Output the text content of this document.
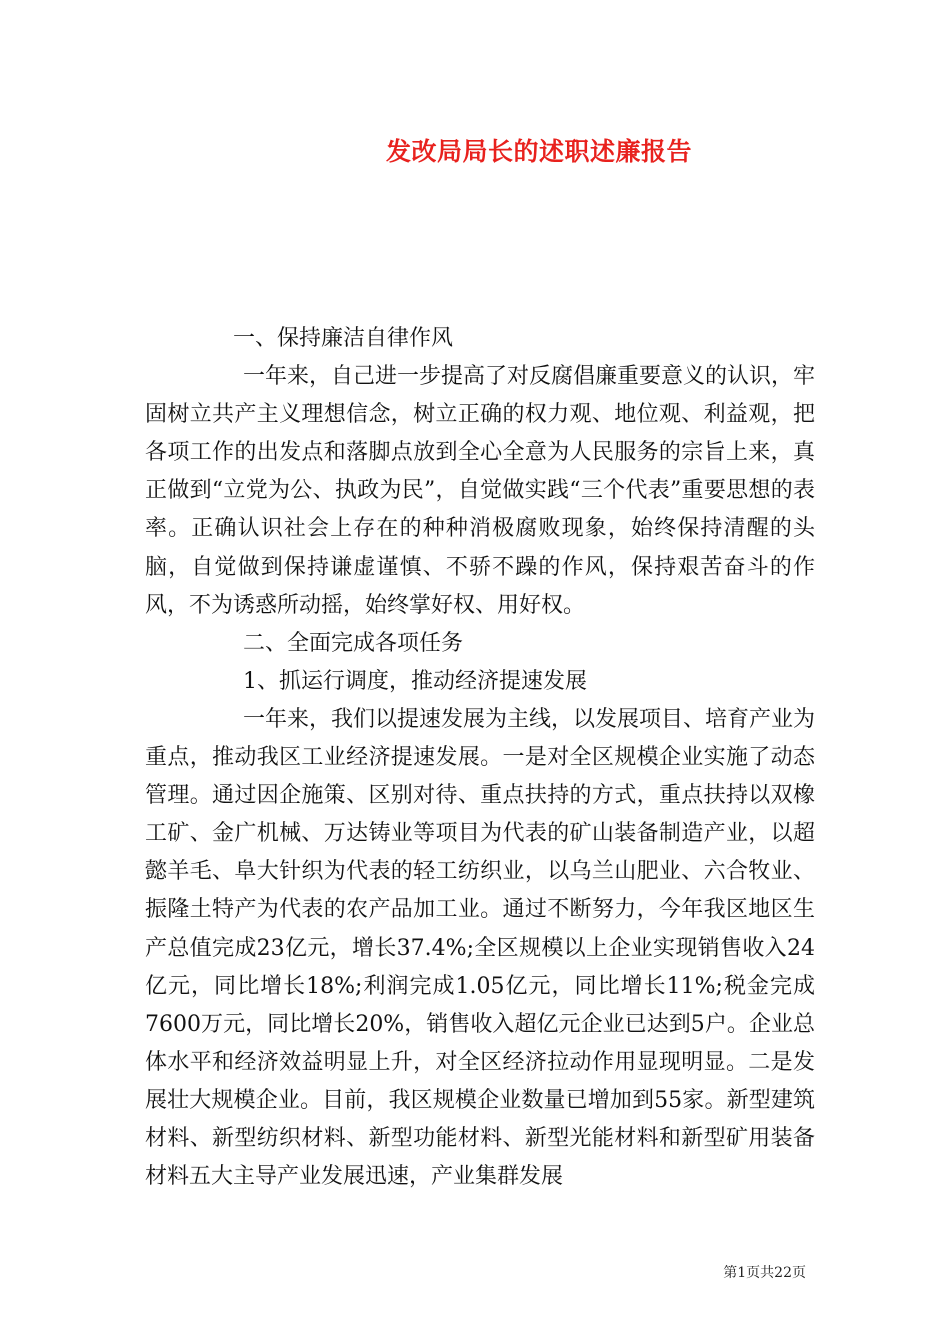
发改局局长的述职述廉报告

一、保持廉洁自律作风

一年来，自己进一步提高了对反腐倡廉重要意义的认识，牢固树立共产主义理想信念，树立正确的权力观、地位观、利益观，把各项工作的出发点和落脚点放到全心全意为人民服务的宗旨上来，真正做到“立党为公、执政为民”，自觉做实践“三个代表”重要思想的表率。正确认识社会上存在的种种消极腐败现象，始终保持清醒的头脑，自觉做到保持谦虚谨慎、不骄不躁的作风，保持艰苦奋斗的作风，不为诱惑所动摇，始终掌好权、用好权。

二、全面完成各项任务

1、抓运行调度，推动经济提速发展

一年来，我们以提速发展为主线，以发展项目、培育产业为重点，推动我区工业经济提速发展。一是对全区规模企业实施了动态管理。通过因企施策、区别对待、重点扶持的方式，重点扶持以双橡工矿、金广机械、万达铸业等项目为代表的矿山装备制造产业，以超懿羊毛、阜大针织为代表的轻工纺织业，以乌兰山肥业、六合牧业、振隆土特产为代表的农产品加工业。通过不断努力，今年我区地区生产总值完成23亿元，增长37.4%;全区规模以上企业实现销售收入24亿元，同比增长18%;利润完成1.05亿元，同比增长11%;税金完成7600万元，同比增长20%，销售收入超亿元企业已达到5户。企业总体水平和经济效益明显上升，对全区经济拉动作用显现明显。二是发展壮大规模企业。目前，我区规模企业数量已增加到55家。新型建筑材料、新型纺织材料、新型功能材料、新型光能材料和新型矿用装备材料五大主导产业发展迅速，产业集群发展

第1页共22页
